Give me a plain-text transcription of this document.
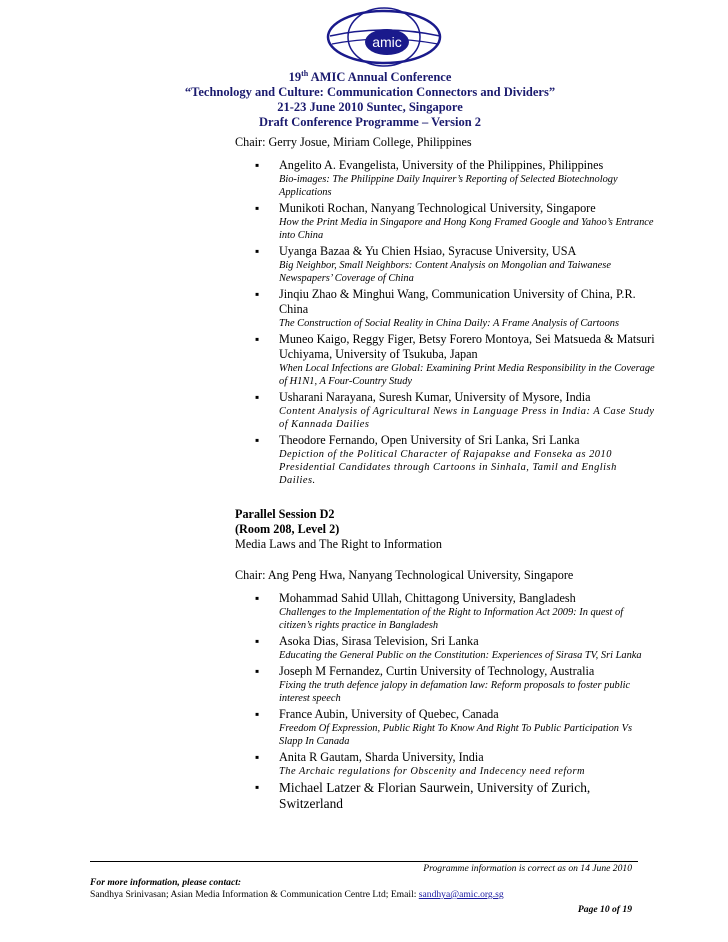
amic
19th AMIC Annual Conference
“Technology and Culture: Communication Connectors and Dividers”
21-23 June 2010 Suntec, Singapore
Draft Conference Programme – Version 2
Chair: Gerry Josue, Miriam College, Philippines
▪ Angelito A. Evangelista, University of the Philippines, Philippines
Bio-images: The Philippine Daily Inquirer’s Reporting of Selected Biotechnology Applications
▪ Munikoti Rochan, Nanyang Technological University, Singapore
How the Print Media in Singapore and Hong Kong Framed Google and Yahoo’s Entrance into China
▪ Uyanga Bazaa & Yu Chien Hsiao, Syracuse University, USA
Big Neighbor, Small Neighbors: Content Analysis on Mongolian and Taiwanese Newspapers’ Coverage of China
▪ Jinqiu Zhao & Minghui Wang, Communication University of China, P.R. China
The Construction of Social Reality in China Daily: A Frame Analysis of Cartoons
▪ Muneo Kaigo, Reggy Figer, Betsy Forero Montoya, Sei Matsueda & Matsuri Uchiyama, University of Tsukuba, Japan
When Local Infections are Global: Examining Print Media Responsibility in the Coverage of H1N1, A Four-Country Study
▪ Usharani Narayana, Suresh Kumar, University of Mysore, India
Content Analysis of Agricultural News in Language Press in India: A Case Study of Kannada Dailies
▪ Theodore Fernando, Open University of Sri Lanka, Sri Lanka
Depiction of the Political Character of Rajapakse and Fonseka as 2010 Presidential Candidates through Cartoons in Sinhala, Tamil and English Dailies.
Parallel Session D2
(Room 208, Level 2)
Media Laws and The Right to Information
Chair: Ang Peng Hwa, Nanyang Technological University, Singapore
▪ Mohammad Sahid Ullah, Chittagong University, Bangladesh
Challenges to the Implementation of the Right to Information Act 2009: In quest of citizen’s rights practice in Bangladesh
▪ Asoka Dias, Sirasa Television, Sri Lanka
Educating the General Public on the Constitution: Experiences of Sirasa TV, Sri Lanka
▪ Joseph M Fernandez, Curtin University of Technology, Australia
Fixing the truth defence jalopy in defamation law: Reform proposals to foster public interest speech
▪ France Aubin, University of Quebec, Canada
Freedom Of Expression, Public Right To Know And Right To Public Participation Vs Slapp In Canada
▪ Anita R Gautam, Sharda University, India
The Archaic regulations for Obscenity and Indecency need reform
▪ Michael Latzer & Florian Saurwein, University of Zurich, Switzerland
Programme information is correct as on 14 June 2010
For more information, please contact:
Sandhya Srinivasan; Asian Media Information & Communication Centre Ltd; Email: sandhya@amic.org.sg
Page 10 of 19
